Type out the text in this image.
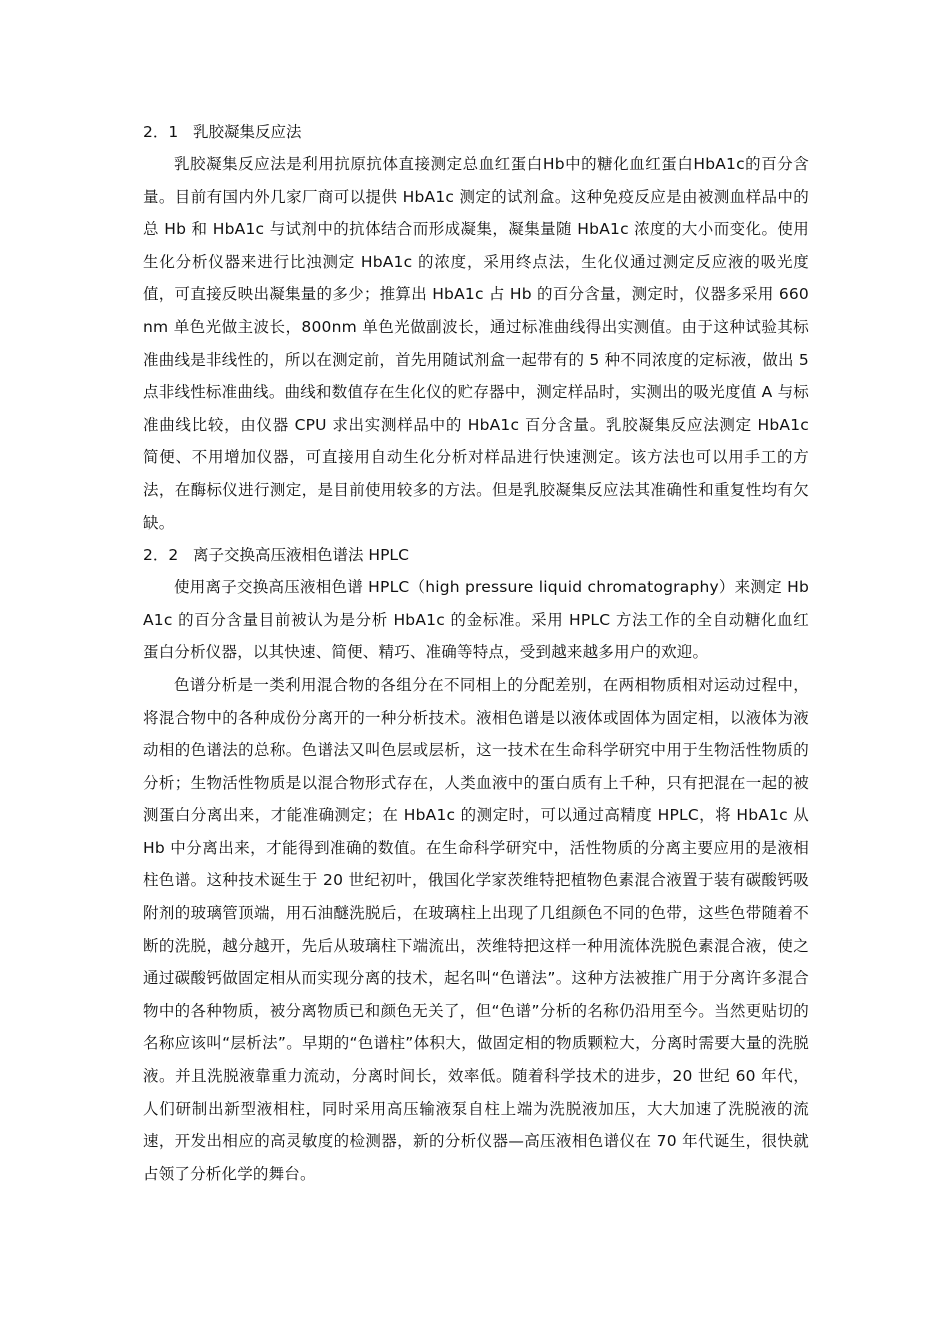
2．1 乳胶凝集反应法

乳胶凝集反应法是利用抗原抗体直接测定总血红蛋白Hb中的糖化血红蛋白HbA1c的百分含量。目前有国内外几家厂商可以提供 HbA1c 测定的试剂盒。这种免疫反应是由被测血样品中的总 Hb 和 HbA1c 与试剂中的抗体结合而形成凝集，凝集量随 HbA1c 浓度的大小而变化。使用生化分析仪器来进行比浊测定 HbA1c 的浓度，采用终点法，生化仪通过测定反应液的吸光度值，可直接反映出凝集量的多少；推算出 HbA1c 占 Hb 的百分含量，测定时，仪器多采用 660nm 单色光做主波长，800nm 单色光做副波长，通过标准曲线得出实测值。由于这种试验其标准曲线是非线性的，所以在测定前，首先用随试剂盒一起带有的 5 种不同浓度的定标液，做出 5 点非线性标准曲线。曲线和数值存在生化仪的贮存器中，测定样品时，实测出的吸光度值 A 与标准曲线比较，由仪器 CPU 求出实测样品中的 HbA1c 百分含量。乳胶凝集反应法测定 HbA1c 简便、不用增加仪器，可直接用自动生化分析对样品进行快速测定。该方法也可以用手工的方法，在酶标仪进行测定，是目前使用较多的方法。但是乳胶凝集反应法其准确性和重复性均有欠缺。

2．2 离子交换高压液相色谱法 HPLC

使用离子交换高压液相色谱 HPLC（high pressure liquid chromatography）来测定 HbA1c 的百分含量目前被认为是分析 HbA1c 的金标准。采用 HPLC 方法工作的全自动糖化血红蛋白分析仪器，以其快速、简便、精巧、准确等特点，受到越来越多用户的欢迎。

色谱分析是一类利用混合物的各组分在不同相上的分配差别，在两相物质相对运动过程中，将混合物中的各种成份分离开的一种分析技术。液相色谱是以液体或固体为固定相，以液体为液动相的色谱法的总称。色谱法又叫色层或层析，这一技术在生命科学研究中用于生物活性物质的分析；生物活性物质是以混合物形式存在，人类血液中的蛋白质有上千种，只有把混在一起的被测蛋白分离出来，才能准确测定；在 HbA1c 的测定时，可以通过高精度 HPLC，将 HbA1c 从 Hb 中分离出来，才能得到准确的数值。在生命科学研究中，活性物质的分离主要应用的是液相柱色谱。这种技术诞生于 20 世纪初叶，俄国化学家茨维特把植物色素混合液置于装有碳酸钙吸附剂的玻璃管顶端，用石油醚洗脱后，在玻璃柱上出现了几组颜色不同的色带，这些色带随着不断的洗脱，越分越开，先后从玻璃柱下端流出，茨维特把这样一种用流体洗脱色素混合液，使之通过碳酸钙做固定相从而实现分离的技术，起名叫“色谱法”。这种方法被推广用于分离许多混合物中的各种物质，被分离物质已和颜色无关了，但“色谱”分析的名称仍沿用至今。当然更贴切的名称应该叫“层析法”。早期的“色谱柱”体积大，做固定相的物质颗粒大，分离时需要大量的洗脱液。并且洗脱液靠重力流动，分离时间长，效率低。随着科学技术的进步，20 世纪 60 年代，人们研制出新型液相柱，同时采用高压输液泵自柱上端为洗脱液加压，大大加速了洗脱液的流速，开发出相应的高灵敏度的检测器，新的分析仪器—高压液相色谱仪在 70 年代诞生，很快就占领了分析化学的舞台。
